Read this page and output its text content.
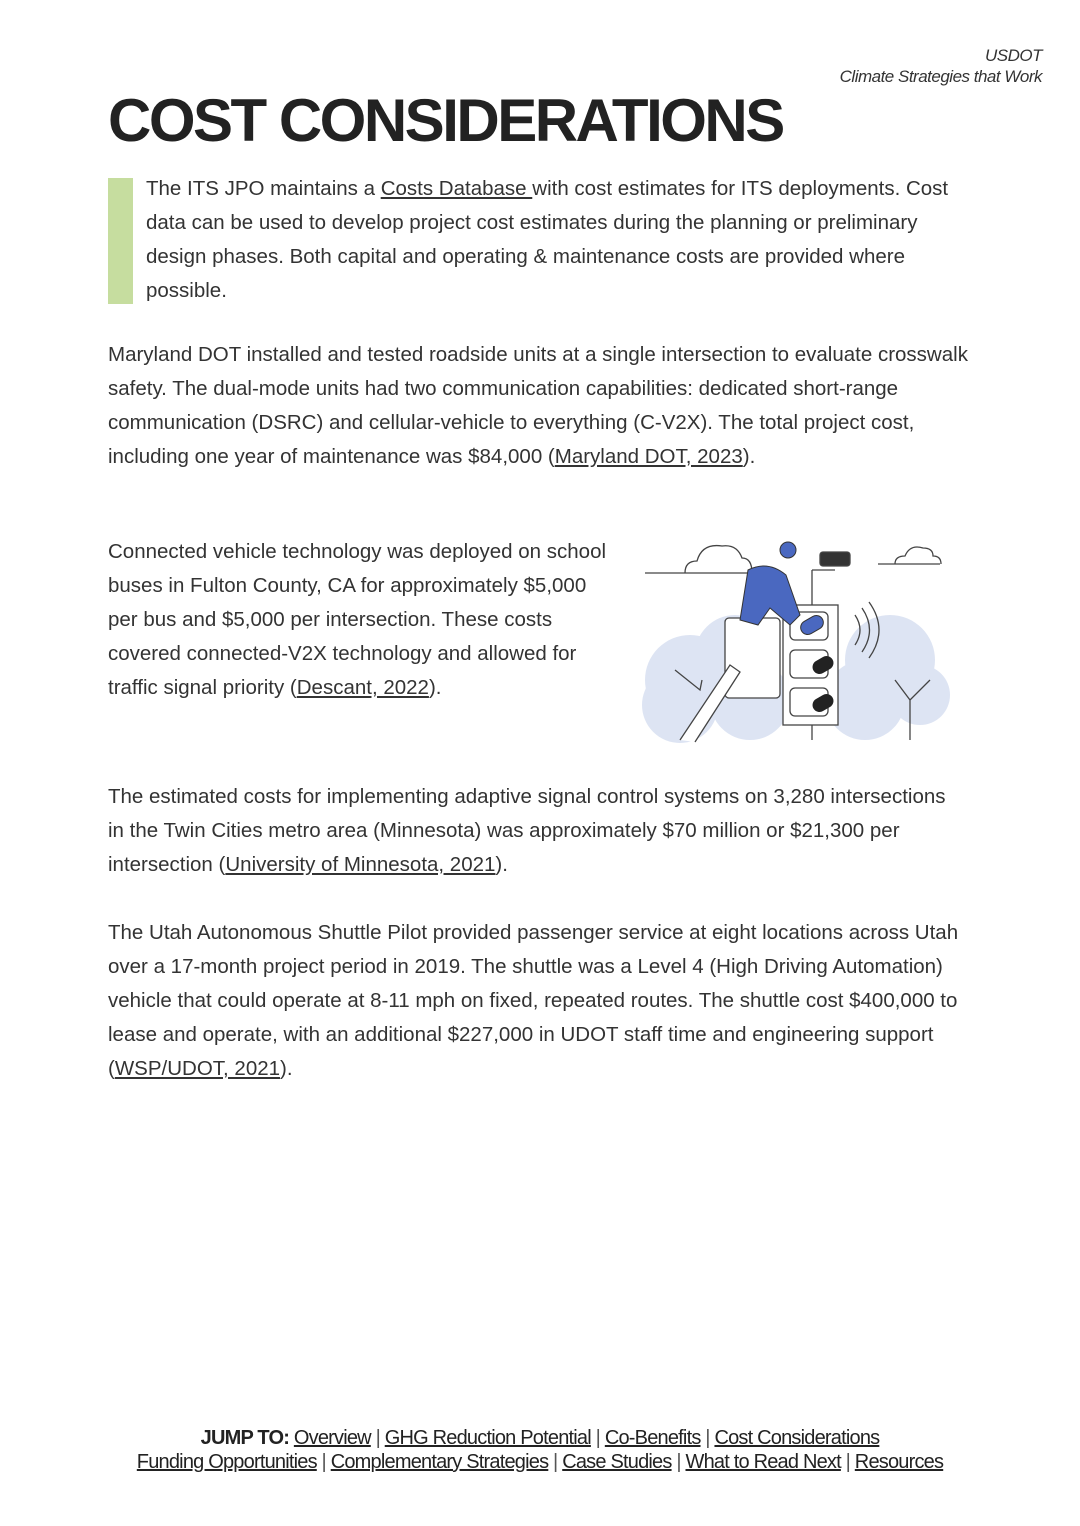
USDOT
Climate Strategies that Work
COST CONSIDERATIONS
The ITS JPO maintains a Costs Database with cost estimates for ITS deployments. Cost data can be used to develop project cost estimates during the planning or preliminary design phases. Both capital and operating & maintenance costs are provided where possible.
Maryland DOT installed and tested roadside units at a single intersection to evaluate crosswalk safety. The dual-mode units had two communication capabilities: dedicated short-range communication (DSRC) and cellular-vehicle to everything (C-V2X). The total project cost, including one year of maintenance was $84,000 (Maryland DOT, 2023).
Connected vehicle technology was deployed on school buses in Fulton County, CA for approximately $5,000 per bus and $5,000 per intersection. These costs covered connected-V2X technology and allowed for traffic signal priority (Descant, 2022).
The estimated costs for implementing adaptive signal control systems on 3,280 intersections in the Twin Cities metro area (Minnesota) was approximately $70 million or $21,300 per intersection (University of Minnesota, 2021).
The Utah Autonomous Shuttle Pilot provided passenger service at eight locations across Utah over a 17-month project period in 2019. The shuttle was a Level 4 (High Driving Automation) vehicle that could operate at 8-11 mph on fixed, repeated routes. The shuttle cost $400,000 to lease and operate, with an additional $227,000 in UDOT staff time and engineering support (WSP/UDOT, 2021).
JUMP TO: Overview | GHG Reduction Potential | Co-Benefits | Cost Considerations
Funding Opportunities | Complementary Strategies | Case Studies | What to Read Next | Resources
